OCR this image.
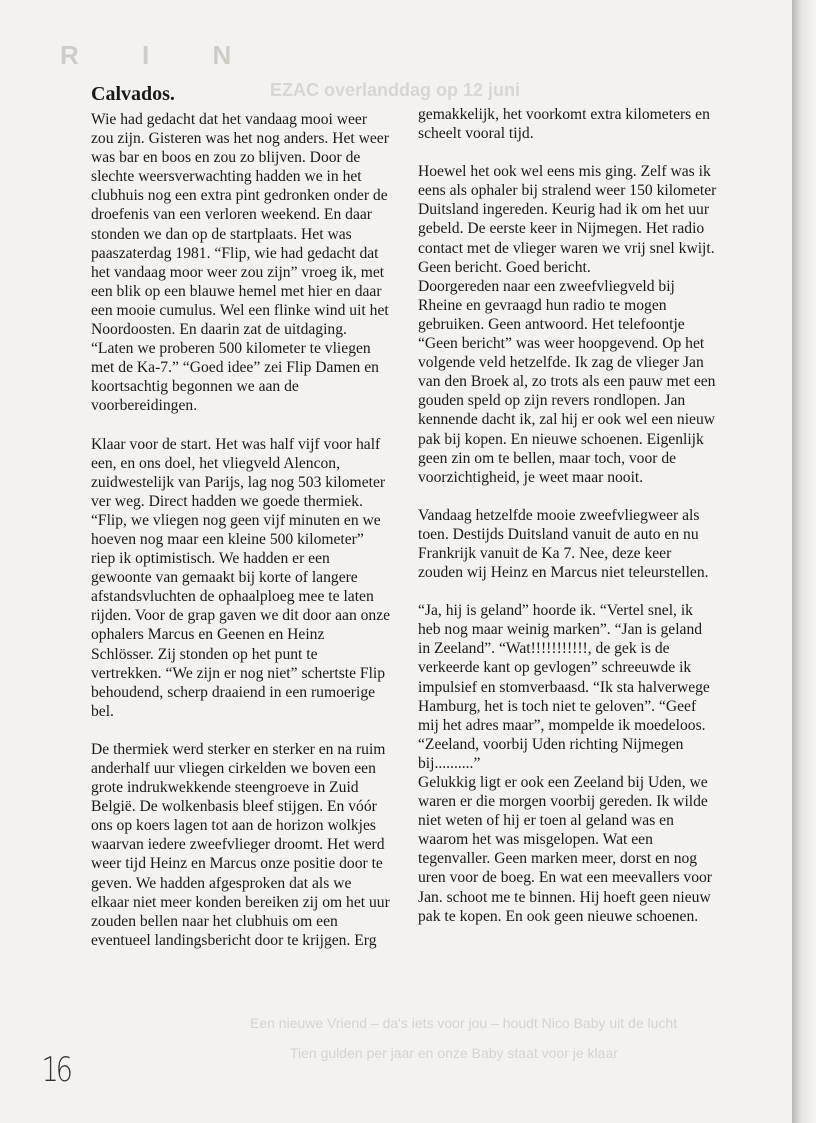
R I N
EZAC overlanddag op 12 juni
Een nieuwe Vriend – da's iets voor jou – houdt Nico Baby uit de lucht
Tien gulden per jaar en onze Baby staat voor je klaar
Calvados.

Wie had gedacht dat het vandaag mooi weer zou zijn. Gisteren was het nog anders. Het weer was bar en boos en zou zo blijven. Door de slechte weersverwachting hadden we in het clubhuis nog een extra pint gedronken onder de droefenis van een verloren weekend. En daar stonden we dan op de startplaats. Het was paaszaterdag 1981. “Flip, wie had gedacht dat het vandaag moor weer zou zijn” vroeg ik, met een blik op een blauwe hemel met hier en daar een mooie cumulus. Wel een flinke wind uit het Noordoosten. En daarin zat de uitdaging.

“Laten we proberen 500 kilometer te vliegen met de Ka-7.” “Goed idee” zei Flip Damen en koortsachtig begonnen we aan de voorbereidingen.

Klaar voor de start. Het was half vijf voor half een, en ons doel, het vliegveld Alencon, zuidwestelijk van Parijs, lag nog 503 kilometer ver weg. Direct hadden we goede thermiek. “Flip, we vliegen nog geen vijf minuten en we hoeven nog maar een kleine 500 kilometer” riep ik optimistisch. We hadden er een gewoonte van gemaakt bij korte of langere afstandsvluchten de ophaalploeg mee te laten rijden. Voor de grap gaven we dit door aan onze ophalers Marcus en Geenen en Heinz Schlösser. Zij stonden op het punt te vertrekken. “We zijn er nog niet” schertste Flip behoudend, scherp draaiend in een rumoerige bel.

De thermiek werd sterker en sterker en na ruim anderhalf uur vliegen cirkelden we boven een grote indrukwekkende steengroeve in Zuid België. De wolkenbasis bleef stijgen. En vóór ons op koers lagen tot aan de horizon wolkjes waarvan iedere zweefvlieger droomt. Het werd weer tijd Heinz en Marcus onze positie door te geven. We hadden afgesproken dat als we elkaar niet meer konden bereiken zij om het uur zouden bellen naar het clubhuis om een eventueel landingsbericht door te krijgen. Erg

gemakkelijk, het voorkomt extra kilometers en scheelt vooral tijd.

Hoewel het ook wel eens mis ging. Zelf was ik eens als ophaler bij stralend weer 150 kilometer Duitsland ingereden. Keurig had ik om het uur gebeld. De eerste keer in Nijmegen. Het radio contact met de vlieger waren we vrij snel kwijt. Geen bericht. Goed bericht.

Doorgereden naar een zweefvliegveld bij Rheine en gevraagd hun radio te mogen gebruiken. Geen antwoord. Het telefoontje “Geen bericht” was weer hoopgevend. Op het volgende veld hetzelfde. Ik zag de vlieger Jan van den Broek al, zo trots als een pauw met een gouden speld op zijn revers rondlopen. Jan kennende dacht ik, zal hij er ook wel een nieuw pak bij kopen. En nieuwe schoenen. Eigenlijk geen zin om te bellen, maar toch, voor de voorzichtigheid, je weet maar nooit.

Vandaag hetzelfde mooie zweefvliegweer als toen. Destijds Duitsland vanuit de auto en nu Frankrijk vanuit de Ka 7. Nee, deze keer zouden wij Heinz en Marcus niet teleurstellen.

“Ja, hij is geland” hoorde ik. “Vertel snel, ik heb nog maar weinig marken”. “Jan is geland in Zeeland”. “Wat!!!!!!!!!!!, de gek is de verkeerde kant op gevlogen” schreeuwde ik impulsief en stomverbaasd. “Ik sta halverwege Hamburg, het is toch niet te geloven”. “Geef mij het adres maar”, mompelde ik moedeloos. “Zeeland, voorbij Uden richting Nijmegen bij..........”

Gelukkig ligt er ook een Zeeland bij Uden, we waren er die morgen voorbij gereden. Ik wilde niet weten of hij er toen al geland was en waarom het was misgelopen. Wat een tegenvaller. Geen marken meer, dorst en nog uren voor de boeg. En wat een meevallers voor Jan. schoot me te binnen. Hij hoeft geen nieuw pak te kopen. En ook geen nieuwe schoenen.

16
